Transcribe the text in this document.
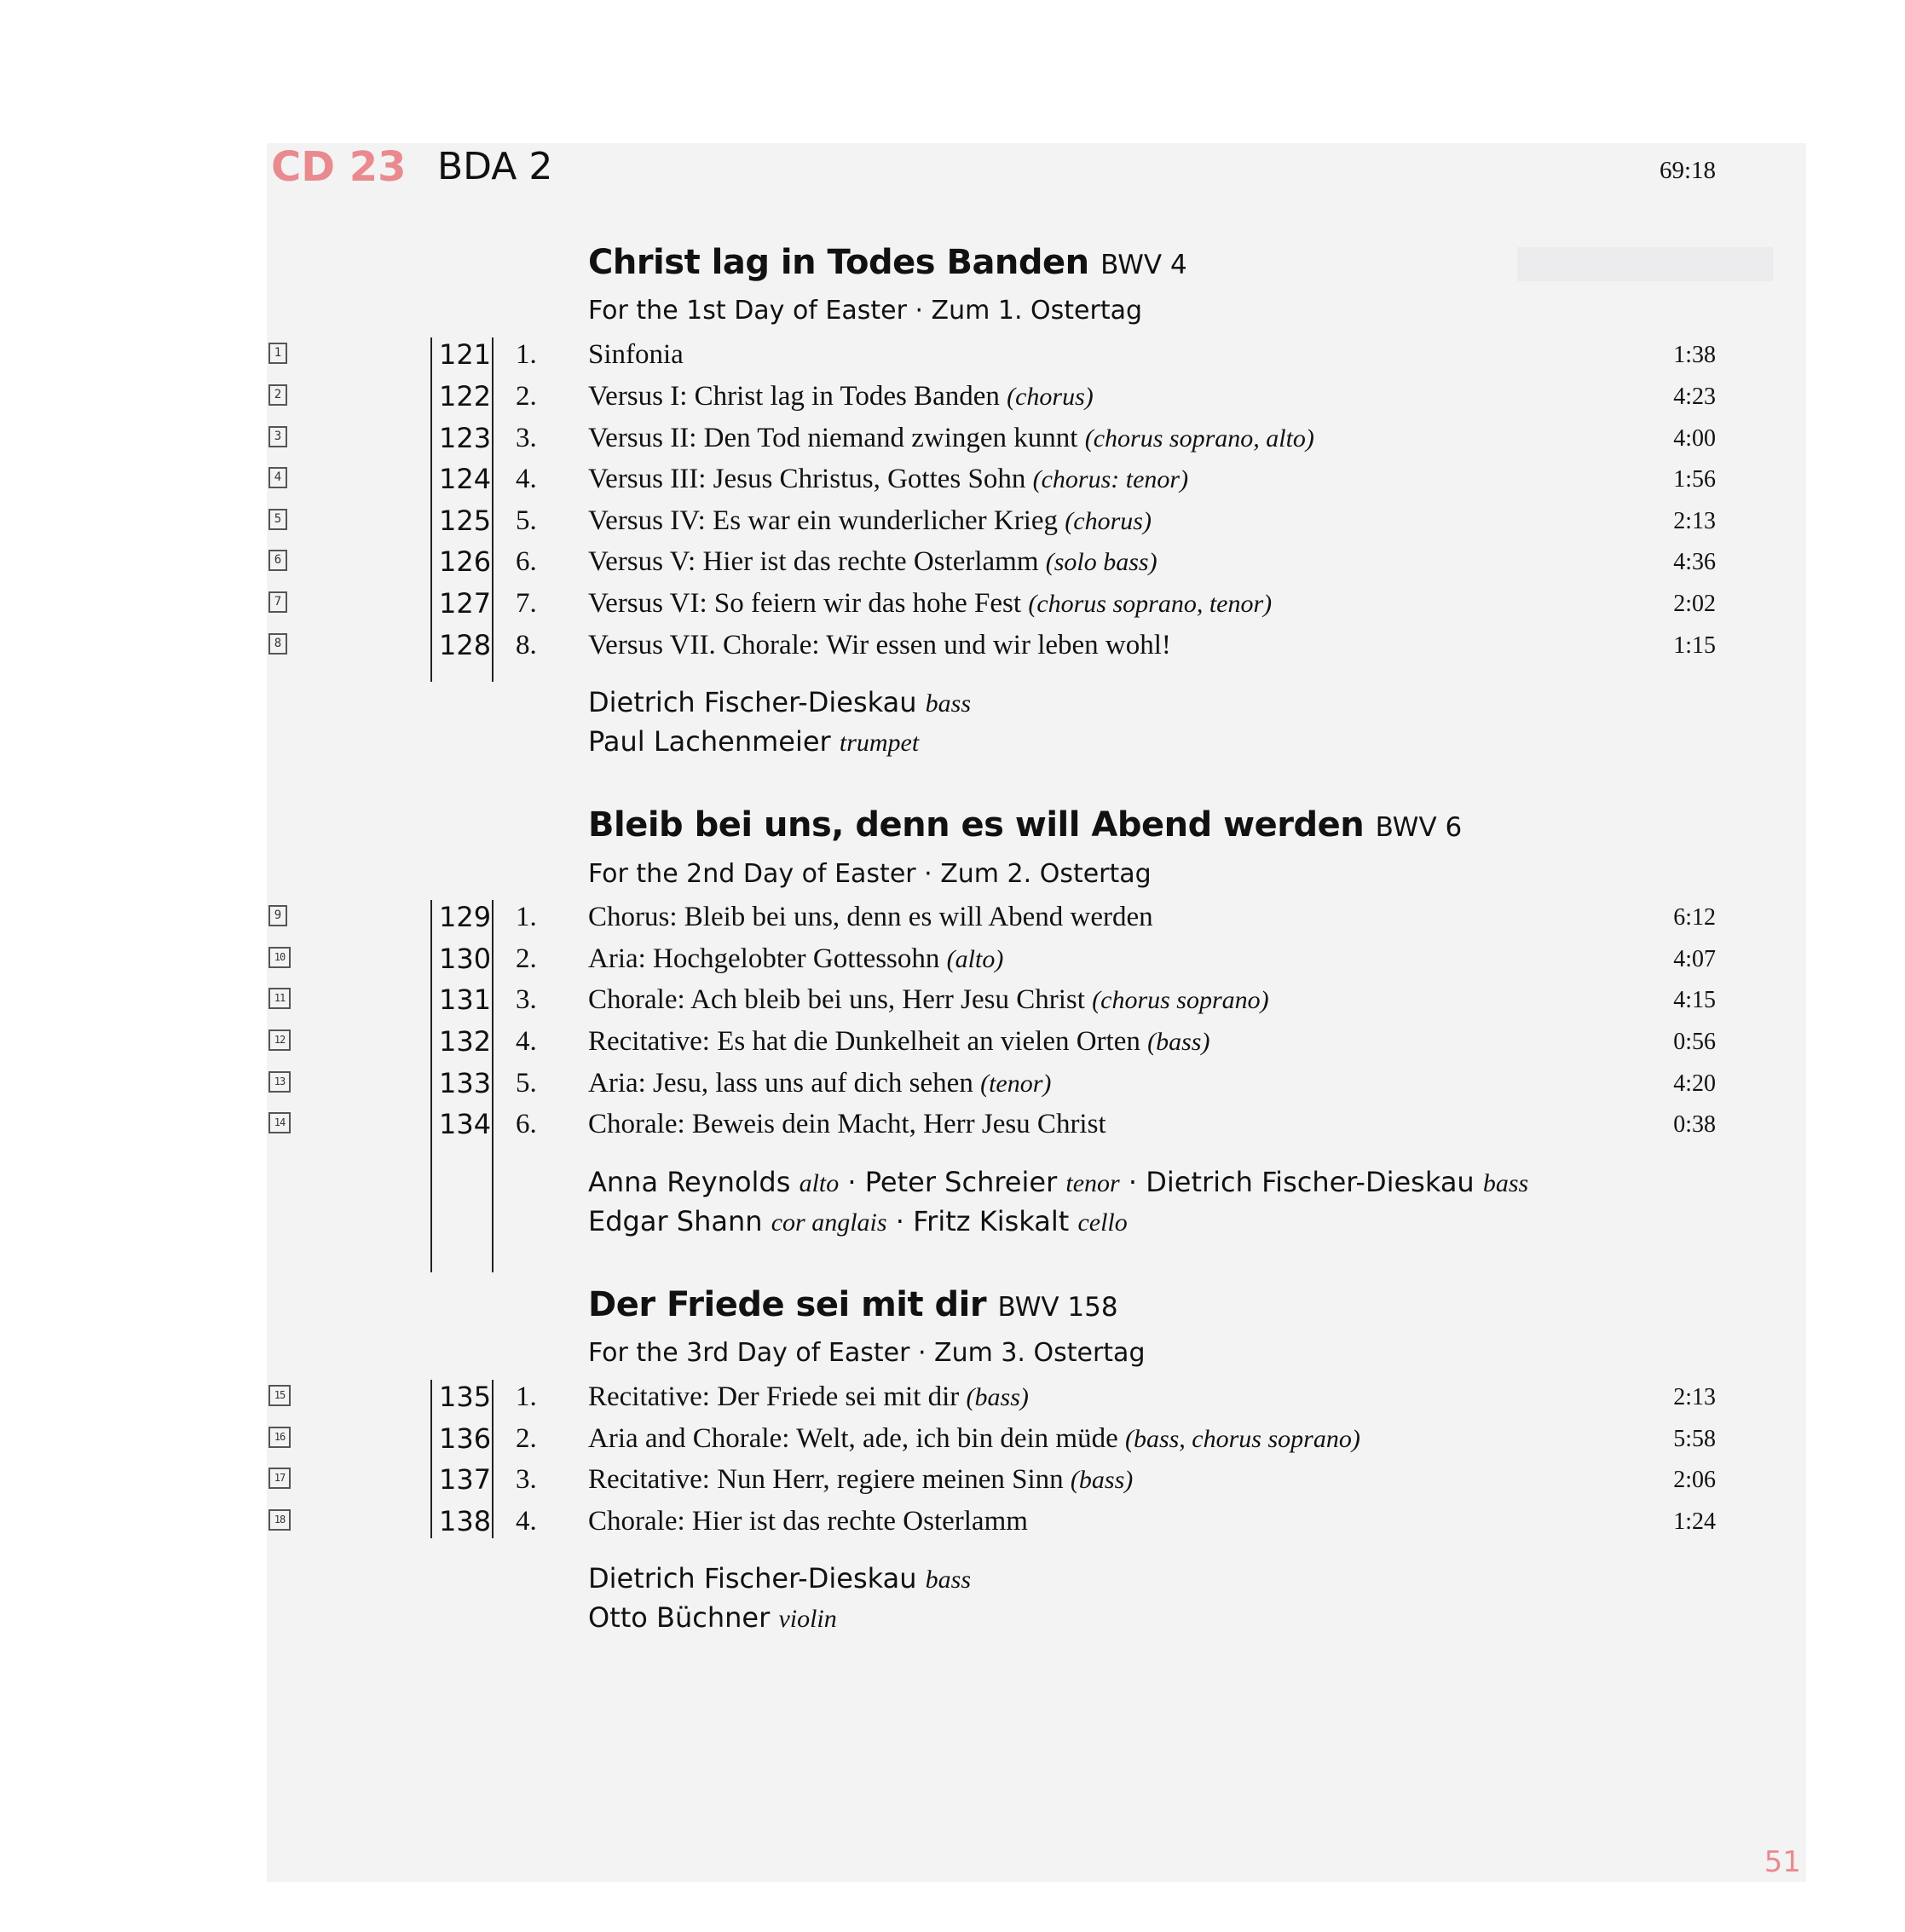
CD 23 BDA 2	69:18
Christ lag in Todes Banden BWV 4
For the 1st Day of Easter · Zum 1. Ostertag
1	121 1. Sinfonia	1:38
2	122 2. Versus I: Christ lag in Todes Banden (chorus)	4:23
3	123 3. Versus II: Den Tod niemand zwingen kunnt (chorus soprano, alto)	4:00
4	124 4. Versus III: Jesus Christus, Gottes Sohn (chorus: tenor)	1:56
5	125 5. Versus IV: Es war ein wunderlicher Krieg (chorus)	2:13
6	126 6. Versus V: Hier ist das rechte Osterlamm (solo bass)	4:36
7	127 7. Versus VI: So feiern wir das hohe Fest (chorus soprano, tenor)	2:02
8	128 8. Versus VII. Chorale: Wir essen und wir leben wohl!	1:15
Dietrich Fischer-Dieskau bass
Paul Lachenmeier trumpet
Bleib bei uns, denn es will Abend werden BWV 6
For the 2nd Day of Easter · Zum 2. Ostertag
9	129 1. Chorus: Bleib bei uns, denn es will Abend werden	6:12
10	130 2. Aria: Hochgelobter Gottessohn (alto)	4:07
11	131 3. Chorale: Ach bleib bei uns, Herr Jesu Christ (chorus soprano)	4:15
12	132 4. Recitative: Es hat die Dunkelheit an vielen Orten (bass)	0:56
13	133 5. Aria: Jesu, lass uns auf dich sehen (tenor)	4:20
14	134 6. Chorale: Beweis dein Macht, Herr Jesu Christ	0:38
Anna Reynolds alto · Peter Schreier tenor · Dietrich Fischer-Dieskau bass
Edgar Shann cor anglais · Fritz Kiskalt cello
Der Friede sei mit dir BWV 158
For the 3rd Day of Easter · Zum 3. Ostertag
15	135 1. Recitative: Der Friede sei mit dir (bass)	2:13
16	136 2. Aria and Chorale: Welt, ade, ich bin dein müde (bass, chorus soprano)	5:58
17	137 3. Recitative: Nun Herr, regiere meinen Sinn (bass)	2:06
18	138 4. Chorale: Hier ist das rechte Osterlamm	1:24
Dietrich Fischer-Dieskau bass
Otto Büchner violin
51
